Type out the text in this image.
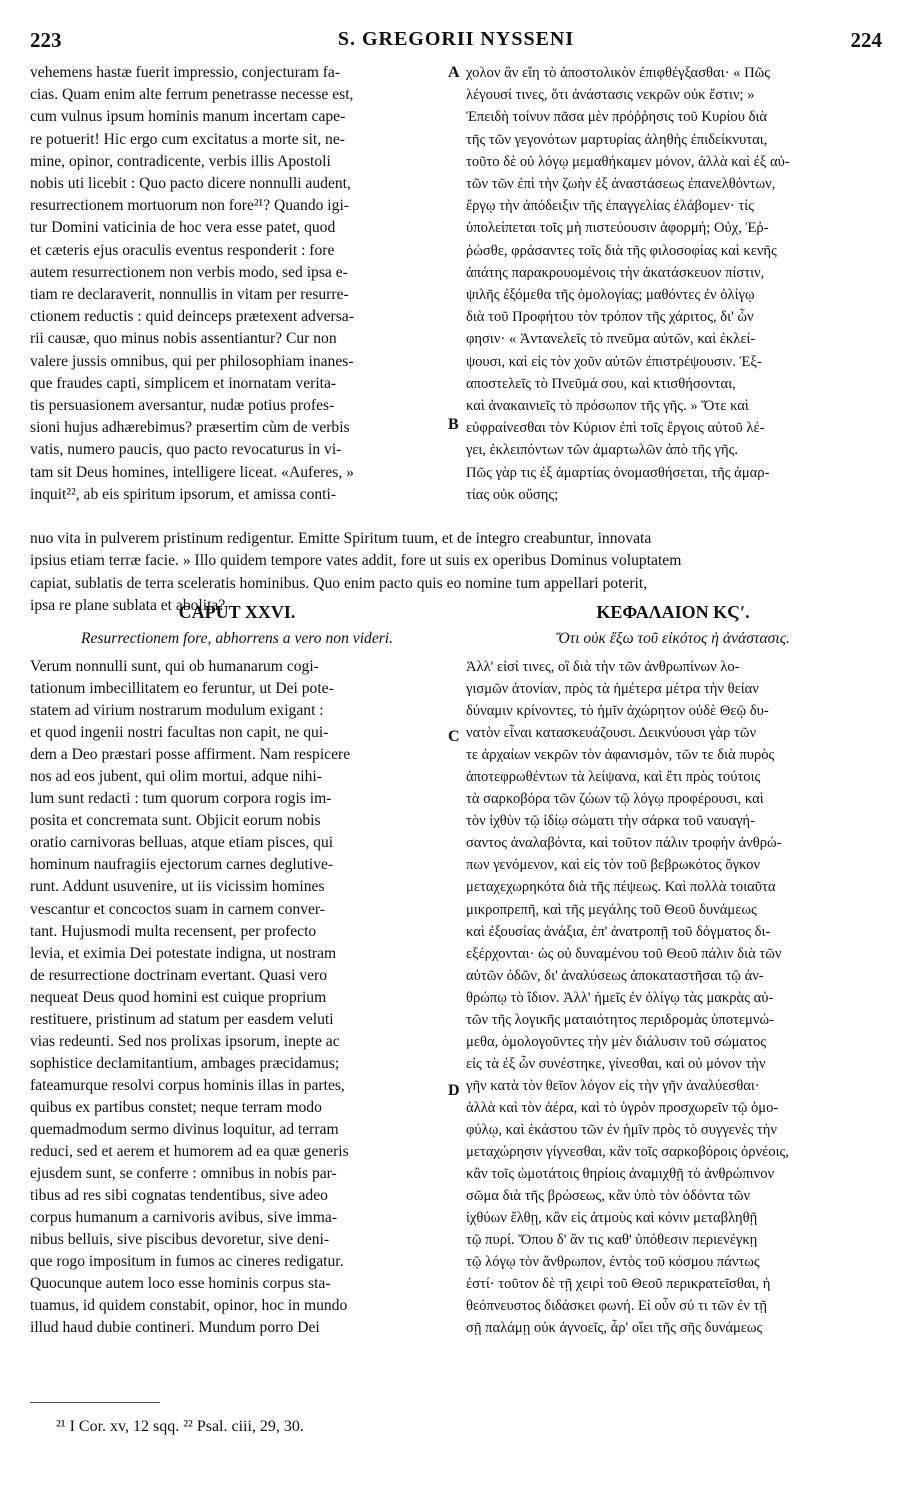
223	S. GREGORII NYSSENI	224
vehemens hastæ fuerit impressio, conjecturam fa-
cias. Quam enim alte ferrum penetrasse necesse est,
cum vulnus ipsum hominis manum incertam cape-
re potuerit! Hic ergo cum excitatus a morte sit, ne-
mine, opinor, contradicente, verbis illis Apostoli
nobis uti licebit : Quo pacto dicere nonnulli audent,
resurrectionem mortuorum non fore²¹? Quando igi-
tur Domini vaticinia de hoc vera esse patet, quod
et cæteris ejus oraculis eventus responderit : fore
autem resurrectionem non verbis modo, sed ipsa e-
tiam re declaraverit, nonnullis in vitam per resurre-
ctionem reductis : quid deinceps prætexent adversa-
rii causæ, quo minus nobis assentiantur? Cur non
valere jussis omnibus, qui per philosophiam inanes-
que fraudes capti, simplicem et inornatam verita-
tis persuasionem aversantur, nudæ potius profes-
sioni hujus adhærebimus? præsertim cùm de verbis
vatis, numero paucis, quo pacto revocaturus in vi-
tam sit Deus homines, intelligere liceat. «Auferes, »
inquit²², ab eis spiritum ipsorum, et amissa conti-
χολον ἂν εἴη τὸ ἀποστολικὸν ἐπιφθέγξασθαι· « Πῶς
λέγουσί τινες, ὅτι ἀνάστασις νεκρῶν οὐκ ἔστιν; »
Ἐπειδὴ τοίνυν πᾶσα μὲν πρόῤῥησις τοῦ Κυρίου διὰ
τῆς τῶν γεγονότων μαρτυρίας ἀληθὴς ἐπιδείκνυται,
τοῦτο δὲ οὐ λόγῳ μεμαθήκαμεν μόνον, ἀλλὰ καὶ ἐξ αὐ-
τῶν τῶν ἐπὶ τὴν ζωὴν ἐξ ἀναστάσεως ἐπανελθόντων,
ἔργῳ τὴν ἀπόδειξιν τῆς ἐπαγγελίας ἐλάβομεν· τίς
ὑπολείπεται τοῖς μὴ πιστεύουσιν ἀφορμή; Οὐχ, Ἐῤ-
ῥώσθε, φράσαντες τοῖς διὰ τῆς φιλοσοφίας καὶ κενῆς
ἀπάτης παρακρουομένοις τὴν ἀκατάσκευον πίστιν,
ψιλῆς ἐξόμεθα τῆς ὁμολογίας; μαθόντες ἐν ὀλίγῳ
διὰ τοῦ Προφήτου τὸν τρόπον τῆς χάριτος, δι' ὧν
φησιν· « Ἀντανελεῖς τὸ πνεῦμα αὐτῶν, καὶ ἐκλεί-
ψουσι, καὶ εἰς τὸν χοῦν αὐτῶν ἐπιστρέψουσιν. Ἐξ-
αποστελεῖς τὸ Πνεῦμά σου, καὶ κτισθήσονται,
καὶ ἀνακαινιεῖς τὸ πρόσωπον τῆς γῆς. » Ὅτε καὶ
εὐφραίνεσθαι τὸν Κύριον ἐπὶ τοῖς ἔργοις αὐτοῦ λέ-
γει, ἐκλειπόντων τῶν ἁμαρτωλῶν ἀπὸ τῆς γῆς.
Πῶς γὰρ τις ἐξ ἁμαρτίας ὀνομασθήσεται, τῆς ἁμαρ-
τίας οὐκ οὔσης;
A
B
nuo vita in pulverem pristinum redigentur. Emitte Spiritum tuum, et de integro creabuntur, innovata
ipsius etiam terræ facie. » Illo quidem tempore vates addit, fore ut suis ex operibus Dominus voluptatem
capiat, sublatis de terra sceleratis hominibus. Quo enim pacto quis eo nomine tum appellari poterit,
ipsa re plane sublata et abolita?
CAPUT XXVI.	ΚΕΦΑΛΑΙΟΝ ΚϚʹ.
Resurrectionem fore, abhorrens a vero non videri.	Ὅτι οὐκ ἔξω τοῦ εἰκότος ἡ ἀνάστασις.
Verum nonnulli sunt, qui ob humanarum cogi-
tationum imbecillitatem eo feruntur, ut Dei pote-
statem ad virium nostrarum modulum exigant :
et quod ingenii nostri facultas non capit, ne qui-
dem a Deo præstari posse affirment. Nam respicere
nos ad eos jubent, qui olim mortui, adque nihi-
lum sunt redacti : tum quorum corpora rogis im-
posita et concremata sunt. Objicit eorum nobis
oratio carnivoras belluas, atque etiam pisces, qui
hominum naufragiis ejectorum carnes deglutive-
runt. Addunt usuvenire, ut iis vicissim homines
vescantur et concoctos suam in carnem conver-
tant. Hujusmodi multa recensent, per profecto
levia, et eximia Dei potestate indigna, ut nostram
de resurrectione doctrinam evertant. Quasi vero
nequeat Deus quod homini est cuique proprium
restituere, pristinum ad statum per easdem veluti
vias redeunti. Sed nos prolixas ipsorum, inepte ac
sophistice declamitantium, ambages præcidamus;
fateamurque resolvi corpus hominis illas in partes,
quibus ex partibus constet; neque terram modo
quemadmodum sermo divinus loquitur, ad terram
reduci, sed et aerem et humorem ad ea quæ generis
ejusdem sunt, se conferre : omnibus in nobis par-
tibus ad res sibi cognatas tendentibus, sive adeo
corpus humanum a carnivoris avibus, sive imma-
nibus belluis, sive piscibus devoretur, sive deni-
que rogo impositum in fumos ac cineres redigatur.
Quocunque autem loco esse hominis corpus sta-
tuamus, id quidem constabit, opinor, hoc in mundo
illud haud dubie contineri. Mundum porro Dei
Ἀλλ' εἰσί τινες, οἳ διὰ τὴν τῶν ἀνθρωπίνων λο-
γισμῶν ἀτονίαν, πρὸς τὰ ἡμέτερα μέτρα τὴν θείαν
δύναμιν κρίνοντες, τὸ ἡμῖν ἀχώρητον οὐδὲ Θεῷ δυ-
νατὸν εἶναι κατασκευάζουσι. Δεικνύουσι γὰρ τῶν
τε ἀρχαίων νεκρῶν τὸν ἀφανισμὸν, τῶν τε διὰ πυρὸς
ἀποτεφρωθέντων τὰ λείψανα, καὶ ἔτι πρὸς τούτοις
τὰ σαρκοβόρα τῶν ζώων τῷ λόγῳ προφέρουσι, καὶ
τὸν ἰχθὺν τῷ ἰδίῳ σώματι τὴν σάρκα τοῦ ναυαγή-
σαντος ἀναλαβόντα, καὶ τοῦτον πάλιν τροφὴν ἀνθρώ-
πων γενόμενον, καὶ εἰς τὸν τοῦ βεβρωκότος ὄγκον
μεταχεχωρηκότα διὰ τῆς πέψεως. Καὶ πολλὰ τοιαῦτα
μικροπρεπῆ, καὶ τῆς μεγάλης τοῦ Θεοῦ δυνάμεως
καὶ ἐξουσίας ἀνάξια, ἐπ' ἀνατροπῇ τοῦ δόγματος δι-
εξέρχονται· ὡς οὐ δυναμένου τοῦ Θεοῦ πάλιν διὰ τῶν
αὐτῶν ὁδῶν, δι' ἀναλύσεως ἀποκαταστῆσαι τῷ ἀν-
θρώπῳ τὸ ἴδιον. Ἀλλ' ἡμεῖς ἐν ὀλίγῳ τὰς μακρὰς αὐ-
τῶν τῆς λογικῆς ματαιότητος περιδρομὰς ὑποτεμνώ-
μεθα, ὁμολογοῦντες τὴν μὲν διάλυσιν τοῦ σώματος
εἰς τὰ ἐξ ὧν συνέστηκε, γίνεσθαι, καὶ οὐ μόνον τὴν
γῆν κατὰ τὸν θεῖον λόγον εἰς τὴν γῆν ἀναλύεσθαι·
ἀλλὰ καὶ τὸν ἀέρα, καὶ τὸ ὑγρὸν προσχωρεῖν τῷ ὁμο-
φύλῳ, καὶ ἑκάστου τῶν ἐν ἡμῖν πρὸς τὸ συγγενὲς τὴν
μεταχώρησιν γίγνεσθαι, κἂν τοῖς σαρκοβόροις ὀρνέοις,
κἂν τοῖς ὠμοτάτοις θηρίοις ἀναμιχθῇ τὸ ἀνθρώπινον
σῶμα διὰ τῆς βρώσεως, κἂν ὑπὸ τὸν ὀδόντα τῶν
ἰχθύων ἔλθῃ, κἂν εἰς ἀτμοὺς καὶ κόνιν μεταβληθῇ
τῷ πυρί. Ὅπου δ' ἂν τις καθ' ὑπόθεσιν περιενέγκῃ
τῷ λόγῳ τὸν ἄνθρωπον, ἐντὸς τοῦ κόσμου πάντως
ἐστί· τοῦτον δὲ τῇ χειρὶ τοῦ Θεοῦ περικρατεῖσθαι, ἡ
θεόπνευστος διδάσκει φωνή. Εἰ οὖν σύ τι τῶν ἐν τῇ
σῇ παλάμῃ οὐκ ἀγνοεῖς, ἆρ' οἴει τῆς σῆς δυνάμεως
C
D
²¹ I Cor. xv, 12 sqq. ²² Psal. ciii, 29, 30.
